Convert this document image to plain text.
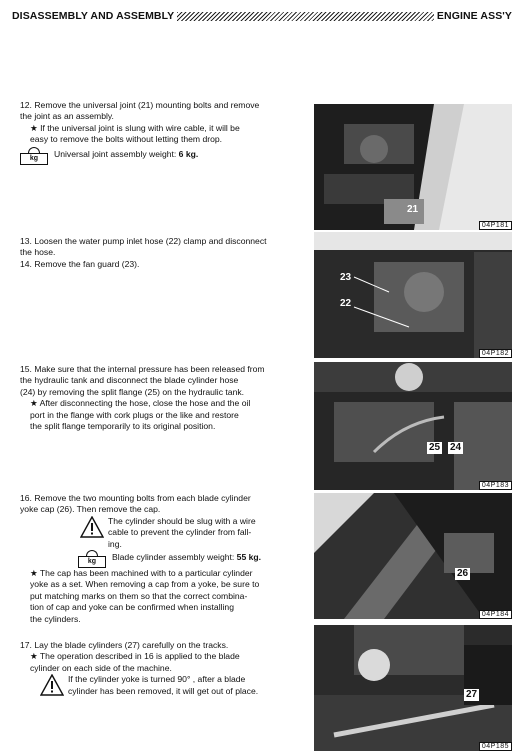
DISASSEMBLY AND ASSEMBLY	ENGINE ASS'Y

12. Remove the universal joint (21) mounting bolts and remove
the joint as an assembly.

★ If the universal joint is slung with wire cable, it will be
easy to remove the bolts without letting them drop.

kg	Universal joint assembly weight: 6 kg.

13. Loosen the water pump inlet hose (22) clamp and disconnect
the hose.

14. Remove the fan guard (23).

15. Make sure that the internal pressure has been released from
the hydraulic tank and disconnect the blade cylinder hose
(24) by removing the split flange (25) on the hydraulic tank.

★ After disconnecting the hose, close the hose and the oil
port in the flange with cork plugs or the like and restore
the split flange temporarily to its original position.

16. Remove the two mounting bolts from each blade cylinder
yoke cap (26). Then remove the cap.

The cylinder should be slug with a wire
cable to prevent the cylinder from fall-
ing.
kg	Blade cylinder assembly weight: 55 kg.

★ The cap has been machined with to a particular cylinder
yoke as a set. When removing a cap from a yoke, be sure to
put matching marks on them so that the correct combina-
tion of cap and yoke can be confirmed when installing
the cylinders.

17. Lay the blade cylinders (27) carefully on the tracks.

★ The operation described in 16 is applied to the blade
cylinder on each side of the machine.

If the cylinder yoke is turned 90° , after a blade
cylinder has been removed, it will get out of place.
21
04P181
23
22
04P182
25 24
04P183
26
04P184
27
04P185
